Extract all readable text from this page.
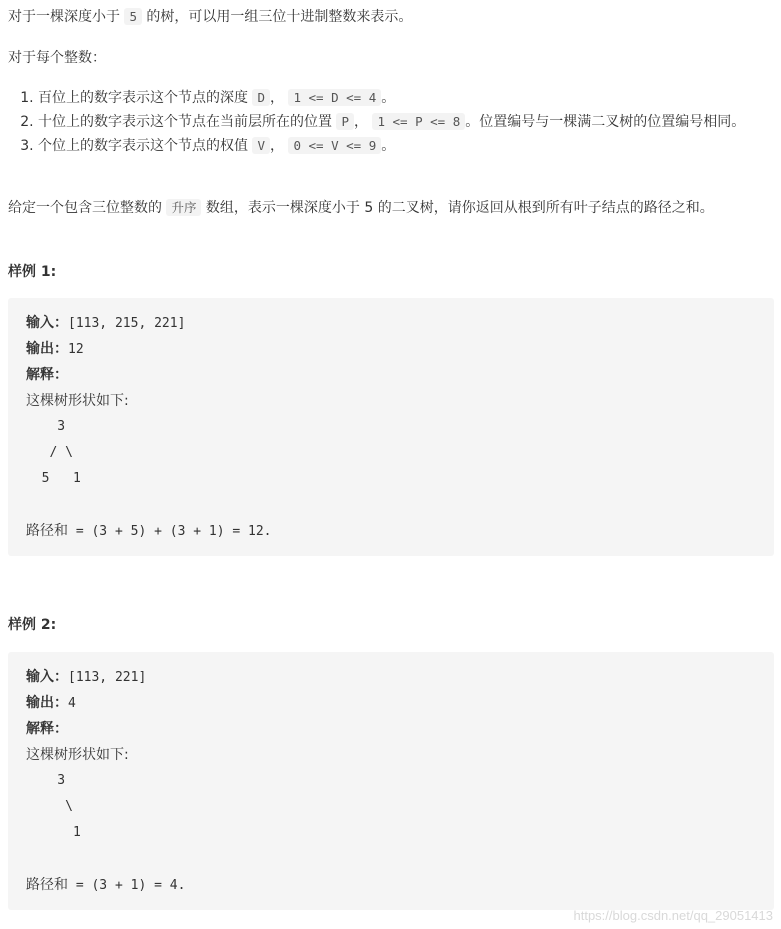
对于一棵深度小于 5 的树，可以用一组三位十进制整数来表示。

对于每个整数：

1. 百位上的数字表示这个节点的深度 D ， 1 <= D <= 4 。
2. 十位上的数字表示这个节点在当前层所在的位置 P ， 1 <= P <= 8 。位置编号与一棵满二叉树的位置编号相同。
3. 个位上的数字表示这个节点的权值 V ， 0 <= V <= 9 。

给定一个包含三位整数的 升序 数组，表示一棵深度小于 5 的二叉树，请你返回从根到所有叶子结点的路径之和。

样例 1:
输入：[113, 215, 221]
输出：12
解释：
这棵树形状如下:
3
/ \
5   1
路径和 = (3 + 5) + (3 + 1) = 12.
样例 2:
输入：[113, 221]
输出：4
解释：
这棵树形状如下:
3
\
1
路径和 = (3 + 1) = 4.
https://blog.csdn.net/qq_29051413
